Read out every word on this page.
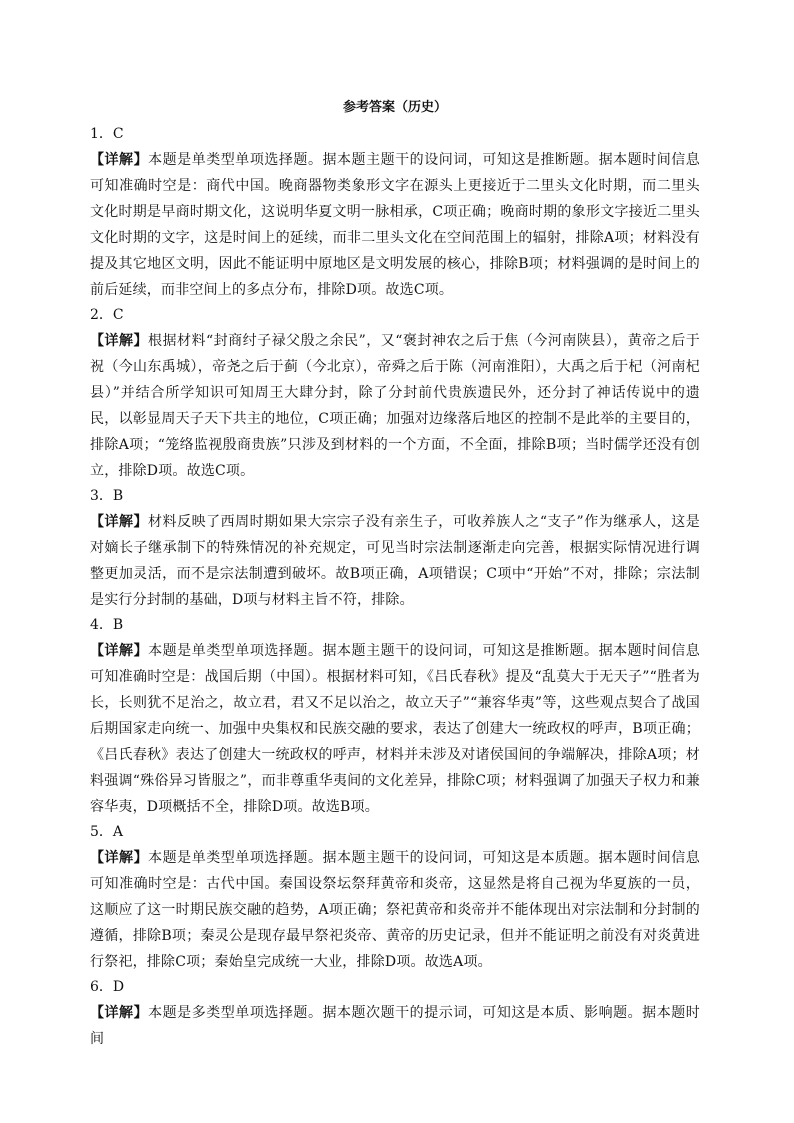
参考答案（历史）

1．C

【详解】本题是单类型单项选择题。据本题主题干的设问词，可知这是推断题。据本题时间信息可知准确时空是：商代中国。晚商器物类象形文字在源头上更接近于二里头文化时期，而二里头文化时期是早商时期文化，这说明华夏文明一脉相承，C项正确；晚商时期的象形文字接近二里头文化时期的文字，这是时间上的延续，而非二里头文化在空间范围上的辐射，排除A项；材料没有提及其它地区文明，因此不能证明中原地区是文明发展的核心，排除B项；材料强调的是时间上的前后延续，而非空间上的多点分布，排除D项。故选C项。

2．C

【详解】根据材料“封商纣子禄父殷之余民”，又“褒封神农之后于焦（今河南陕县），黄帝之后于祝（今山东禹城），帝尧之后于蓟（今北京），帝舜之后于陈（河南淮阳），大禹之后于杞（河南杞县）”并结合所学知识可知周王大肆分封，除了分封前代贵族遗民外，还分封了神话传说中的遗民，以彰显周天子天下共主的地位，C项正确；加强对边缘落后地区的控制不是此举的主要目的，排除A项；“笼络监视殷商贵族”只涉及到材料的一个方面，不全面，排除B项；当时儒学还没有创立，排除D项。故选C项。

3．B

【详解】材料反映了西周时期如果大宗宗子没有亲生子，可收养族人之“支子”作为继承人，这是对嫡长子继承制下的特殊情况的补充规定，可见当时宗法制逐渐走向完善，根据实际情况进行调整更加灵活，而不是宗法制遭到破坏。故B项正确，A项错误；C项中“开始”不对，排除；宗法制是实行分封制的基础，D项与材料主旨不符，排除。

4．B

【详解】本题是单类型单项选择题。据本题主题干的设问词，可知这是推断题。据本题时间信息可知准确时空是：战国后期（中国）。根据材料可知，《吕氏春秋》提及“乱莫大于无天子”“胜者为长，长则犹不足治之，故立君，君又不足以治之，故立天子”“兼容华夷”等，这些观点契合了战国后期国家走向统一、加强中央集权和民族交融的要求，表达了创建大一统政权的呼声，B项正确；《吕氏春秋》表达了创建大一统政权的呼声，材料并未涉及对诸侯国间的争端解决，排除A项；材料强调“殊俗异习皆服之”，而非尊重华夷间的文化差异，排除C项；材料强调了加强天子权力和兼容华夷，D项概括不全，排除D项。故选B项。

5．A

【详解】本题是单类型单项选择题。据本题主题干的设问词，可知这是本质题。据本题时间信息可知准确时空是：古代中国。秦国设祭坛祭拜黄帝和炎帝，这显然是将自己视为华夏族的一员，这顺应了这一时期民族交融的趋势，A项正确；祭祀黄帝和炎帝并不能体现出对宗法制和分封制的遵循，排除B项；秦灵公是现存最早祭祀炎帝、黄帝的历史记录，但并不能证明之前没有对炎黄进行祭祀，排除C项；秦始皇完成统一大业，排除D项。故选A项。

6．D

【详解】本题是多类型单项选择题。据本题次题干的提示词，可知这是本质、影响题。据本题时间
